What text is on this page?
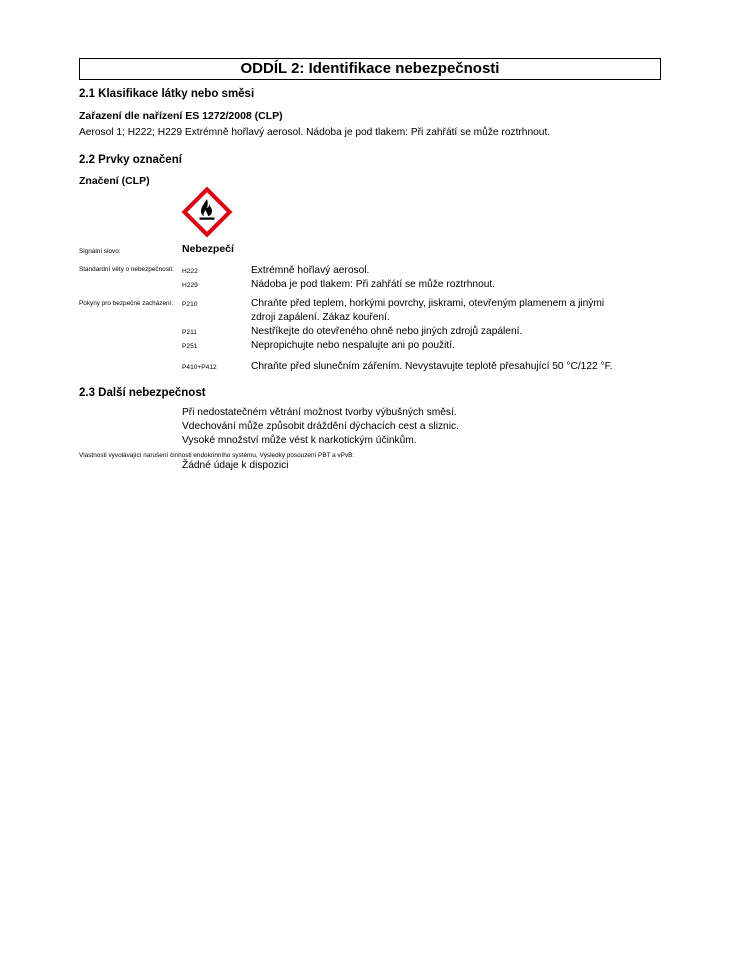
ODDÍL 2: Identifikace nebezpečnosti
2.1 Klasifikace látky nebo směsi
Zařazení dle nařízení ES 1272/2008 (CLP)
Aerosol 1; H222; H229 Extrémně hořlavý aerosol. Nádoba je pod tlakem: Při zahřátí se může roztrhnout.
2.2 Prvky označení
Značení (CLP)
Signální slovo:	Nebezpečí
Standardní věty o nebezpečnosti: H222	Extrémně hořlavý aerosol.
H229	Nádoba je pod tlakem: Při zahřátí se může roztrhnout.
Pokyny pro bezpečné zacházení: P210	Chraňte před teplem, horkými povrchy, jiskrami, otevřeným plamenem a jinými
zdroji zapálení. Zákaz kouření.
P211	Nestříkejte do otevřeného ohně nebo jiných zdrojů zapálení.
P251	Nepropichujte nebo nespalujte ani po použití.
P410+P412	Chraňte před slunečním zářením. Nevystavujte teplotě přesahující 50 °C/122 °F.
2.3 Další nebezpečnost
Při nedostatečném větrání možnost tvorby výbušných směsí.
Vdechování může způsobit dráždění dýchacích cest a sliznic.
Vysoké množství může vést k narkotickým účinkům.
Vlastnosti vyvolávající narušení činnosti endokrinního systému, Výsledky posouzení PBT a vPvB:
Žádné údaje k dispozici
